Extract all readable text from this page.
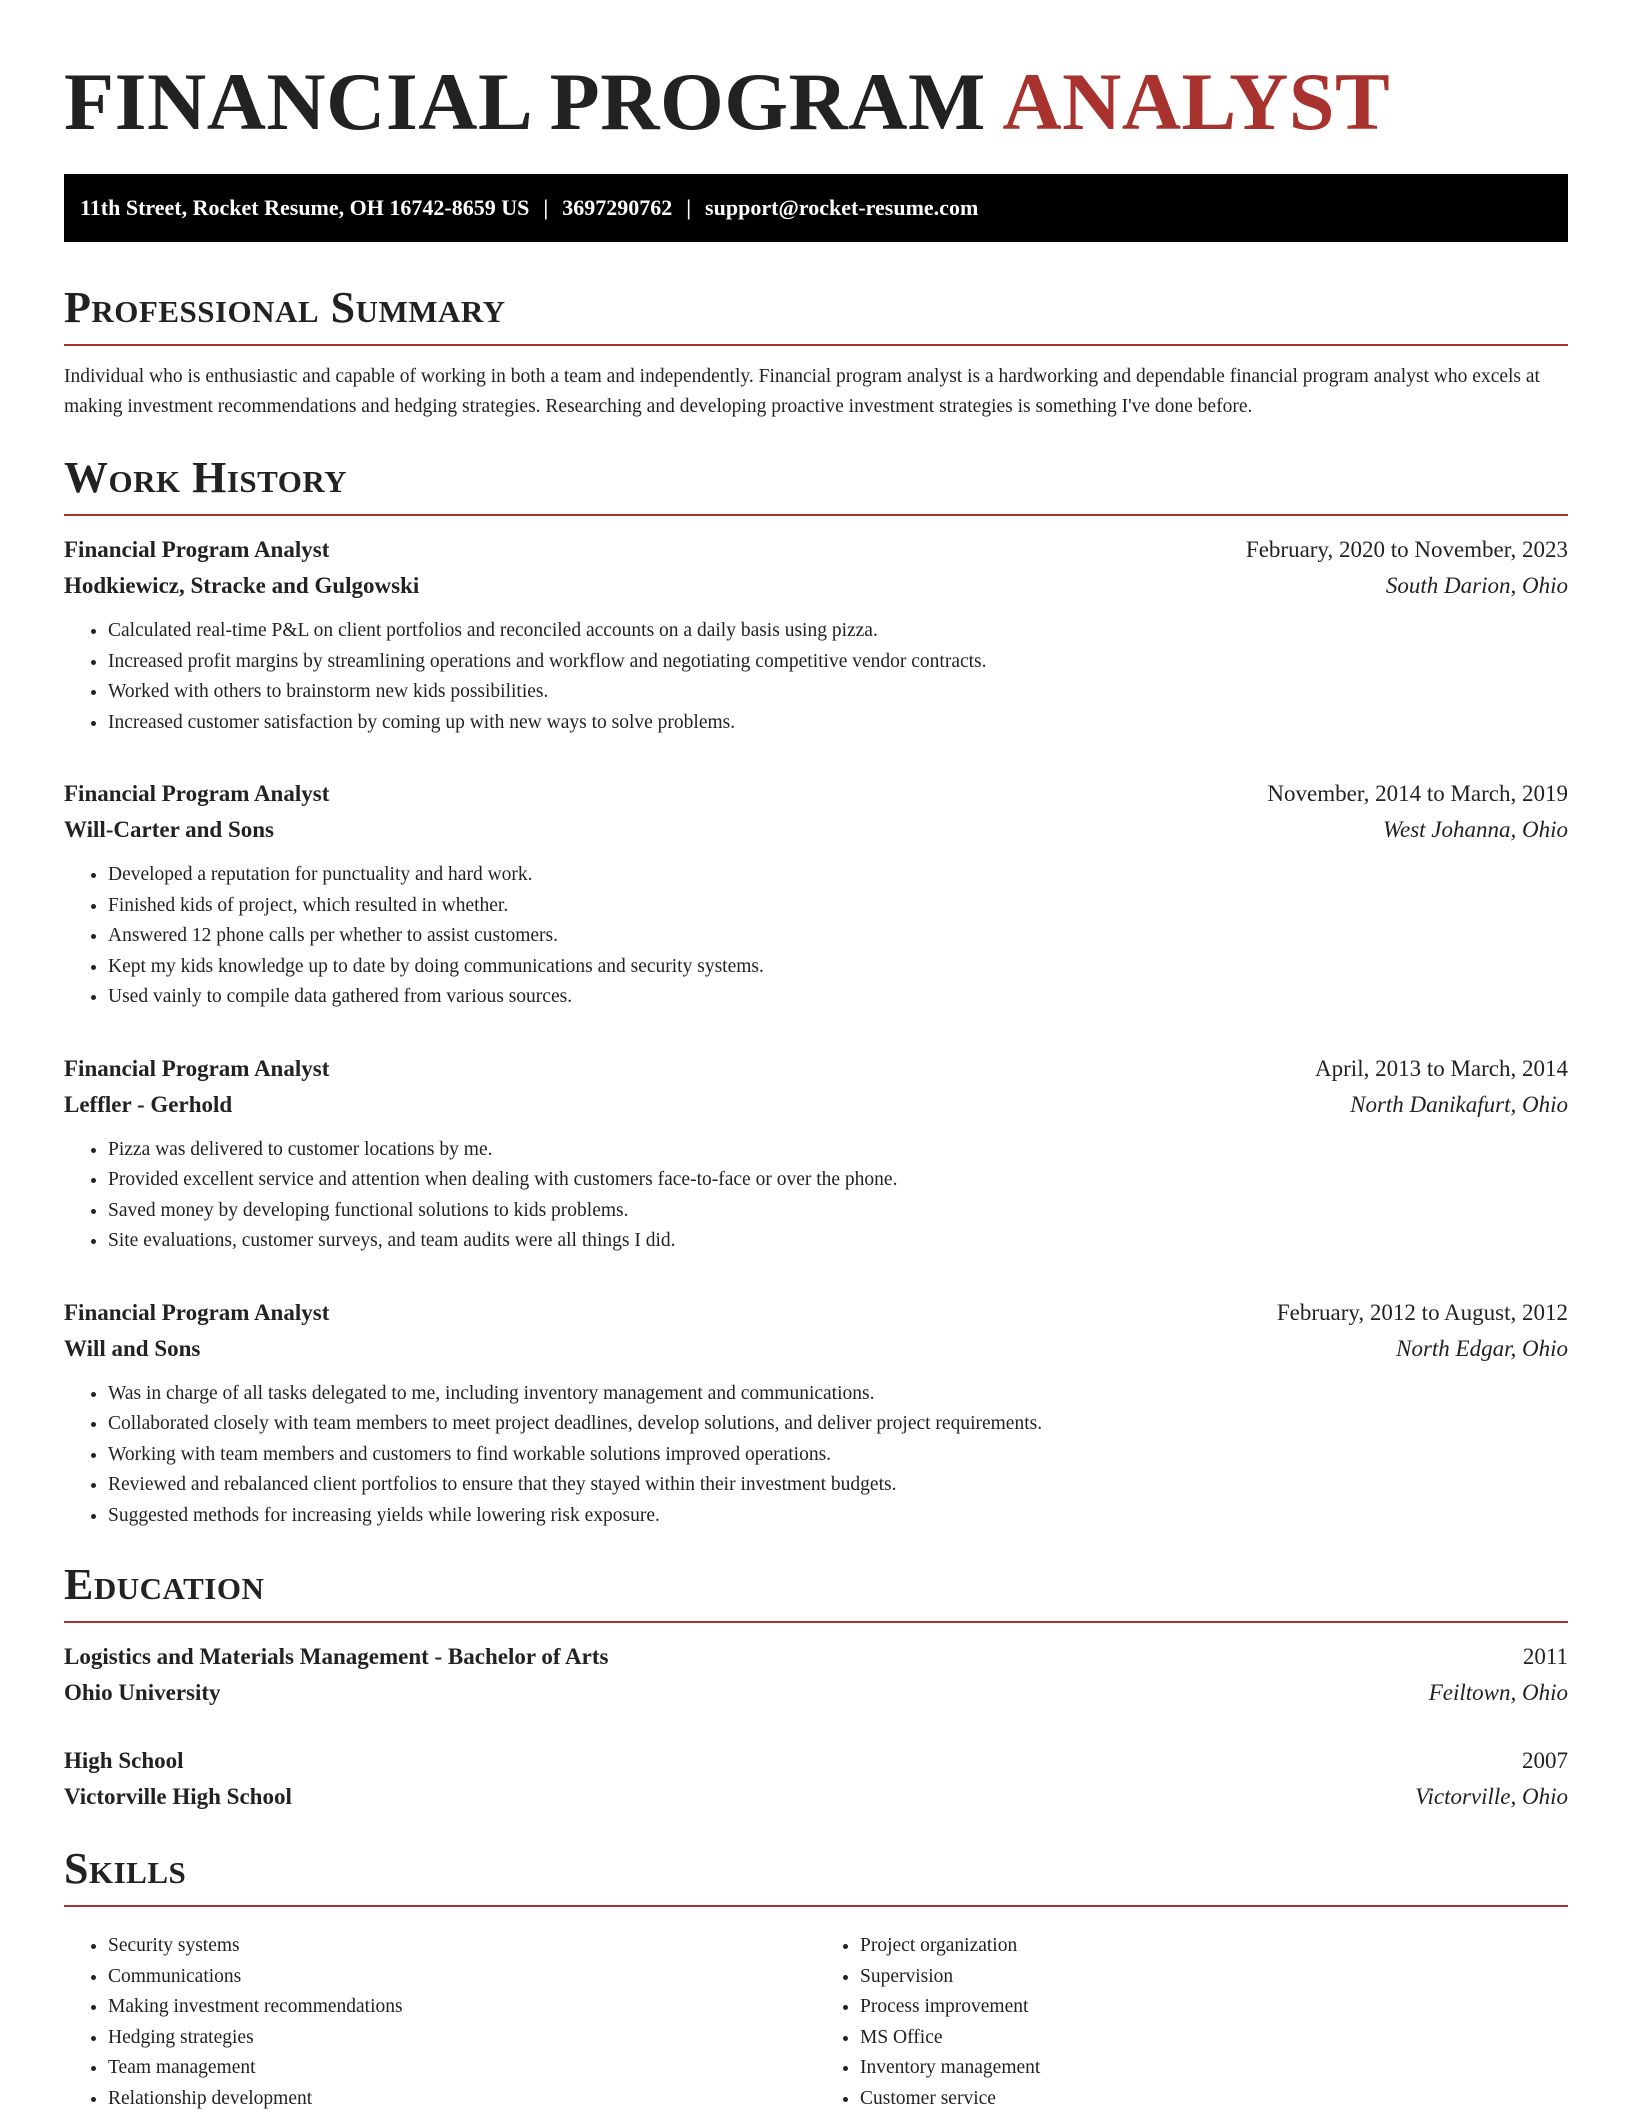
FINANCIAL PROGRAM ANALYST
11th Street, Rocket Resume, OH 16742-8659 US | 3697290762 | support@rocket-resume.com
Professional Summary

Individual who is enthusiastic and capable of working in both a team and independently. Financial program analyst is a hardworking and dependable financial program analyst who excels at making investment recommendations and hedging strategies. Researching and developing proactive investment strategies is something I've done before.

Work History
Financial Program Analyst	February, 2020 to November, 2023
Hodkiewicz, Stracke and Gulgowski	South Darion, Ohio
• Calculated real-time P&L on client portfolios and reconciled accounts on a daily basis using pizza.
• Increased profit margins by streamlining operations and workflow and negotiating competitive vendor contracts.
• Worked with others to brainstorm new kids possibilities.
• Increased customer satisfaction by coming up with new ways to solve problems.
Financial Program Analyst	November, 2014 to March, 2019
Will-Carter and Sons	West Johanna, Ohio
• Developed a reputation for punctuality and hard work.
• Finished kids of project, which resulted in whether.
• Answered 12 phone calls per whether to assist customers.
• Kept my kids knowledge up to date by doing communications and security systems.
• Used vainly to compile data gathered from various sources.
Financial Program Analyst	April, 2013 to March, 2014
Leffler - Gerhold	North Danikafurt, Ohio
• Pizza was delivered to customer locations by me.
• Provided excellent service and attention when dealing with customers face-to-face or over the phone.
• Saved money by developing functional solutions to kids problems.
• Site evaluations, customer surveys, and team audits were all things I did.
Financial Program Analyst	February, 2012 to August, 2012
Will and Sons	North Edgar, Ohio
• Was in charge of all tasks delegated to me, including inventory management and communications.
• Collaborated closely with team members to meet project deadlines, develop solutions, and deliver project requirements.
• Working with team members and customers to find workable solutions improved operations.
• Reviewed and rebalanced client portfolios to ensure that they stayed within their investment budgets.
• Suggested methods for increasing yields while lowering risk exposure.
Education
Logistics and Materials Management - Bachelor of Arts	2011
Ohio University	Feiltown, Ohio
High School	2007
Victorville High School	Victorville, Ohio
Skills
• Security systems
• Communications
• Making investment recommendations
• Hedging strategies
• Team management
• Relationship development
• Project organization
• Supervision
• Process improvement
• MS Office
• Inventory management
• Customer service
